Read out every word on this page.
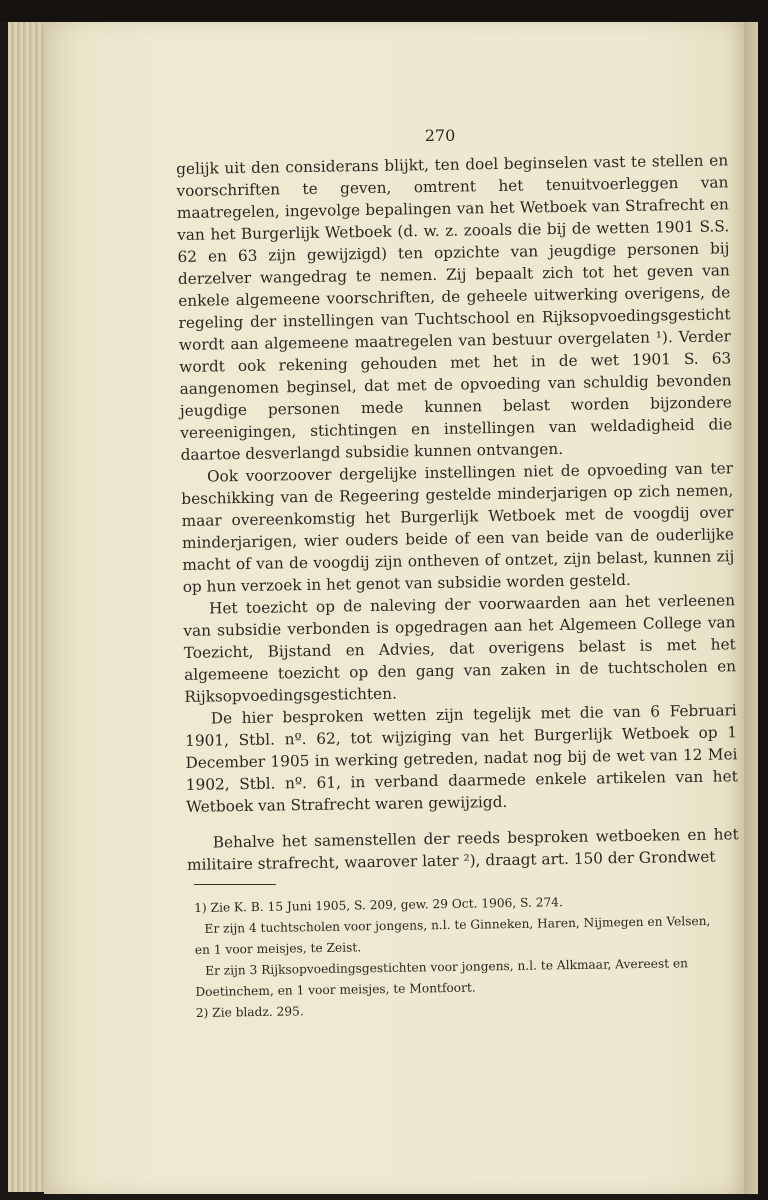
270

gelijk uit den considerans blijkt, ten doel beginselen vast te stellen en voorschriften te geven, omtrent het tenuitvoerleggen van maatregelen, ingevolge bepalingen van het Wetboek van Strafrecht en van het Burgerlijk Wetboek (d. w. z. zooals die bij de wetten 1901 S.S. 62 en 63 zijn gewijzigd) ten opzichte van jeugdige personen bij derzelver wangedrag te nemen. Zij bepaalt zich tot het geven van enkele algemeene voorschriften, de geheele uitwerking overigens, de regeling der instellingen van Tuchtschool en Rijksopvoedingsgesticht wordt aan algemeene maatregelen van bestuur overgelaten ¹). Verder wordt ook rekening gehouden met het in de wet 1901 S. 63 aangenomen beginsel, dat met de opvoeding van schuldig bevonden jeugdige personen mede kunnen belast worden bijzondere vereenigingen, stichtingen en instellingen van weldadigheid die daartoe desverlangd subsidie kunnen ontvangen.

Ook voorzoover dergelijke instellingen niet de opvoeding van ter beschikking van de Regeering gestelde minderjarigen op zich nemen, maar overeenkomstig het Burgerlijk Wetboek met de voogdij over minderjarigen, wier ouders beide of een van beide van de ouderlijke macht of van de voogdij zijn ontheven of ontzet, zijn belast, kunnen zij op hun verzoek in het genot van subsidie worden gesteld.

Het toezicht op de naleving der voorwaarden aan het verleenen van subsidie verbonden is opgedragen aan het Algemeen College van Toezicht, Bijstand en Advies, dat overigens belast is met het algemeene toezicht op den gang van zaken in de tuchtscholen en Rijksopvoedingsgestichten.

De hier besproken wetten zijn tegelijk met die van 6 Februari 1901, Stbl. nº. 62, tot wijziging van het Burgerlijk Wetboek op 1 December 1905 in werking getreden, nadat nog bij de wet van 12 Mei 1902, Stbl. nº. 61, in verband daarmede enkele artikelen van het Wetboek van Strafrecht waren gewijzigd.

Behalve het samenstellen der reeds besproken wetboeken en het militaire strafrecht, waarover later ²), draagt art. 150 der Grondwet

1) Zie K. B. 15 Juni 1905, S. 209, gew. 29 Oct. 1906, S. 274.

Er zijn 4 tuchtscholen voor jongens, n.l. te Ginneken, Haren, Nijmegen en Velsen, en 1 voor meisjes, te Zeist.

Er zijn 3 Rijksopvoedingsgestichten voor jongens, n.l. te Alkmaar, Avereest en Doetinchem, en 1 voor meisjes, te Montfoort.

2) Zie bladz. 295.
